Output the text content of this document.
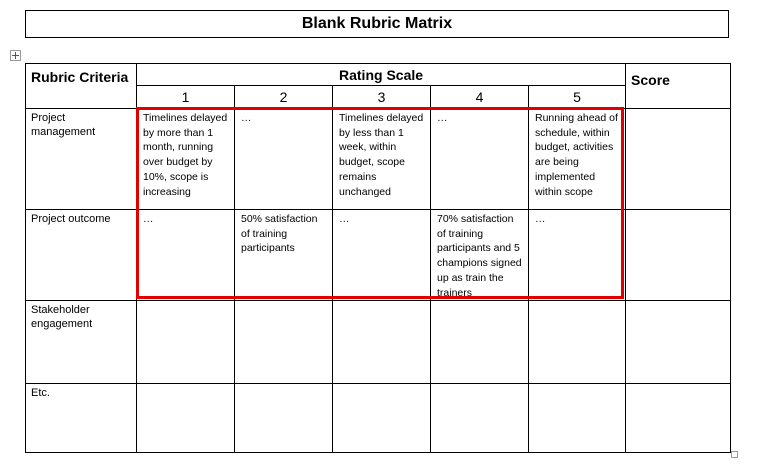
Blank Rubric Matrix
Rubric Criteria	Rating Scale					Score
	1	2	3	4	5	
Project management	Timelines delayed by more than 1 month, running over budget by 10%, scope is increasing	…	Timelines delayed by less than 1 week, within budget, scope remains unchanged	…	Running ahead of schedule, within budget, activities are being implemented within scope	
Project outcome	…	50% satisfaction of training participants	…	70% satisfaction of training participants and 5 champions signed up as train the trainers	…	
Stakeholder engagement						
Etc.						
